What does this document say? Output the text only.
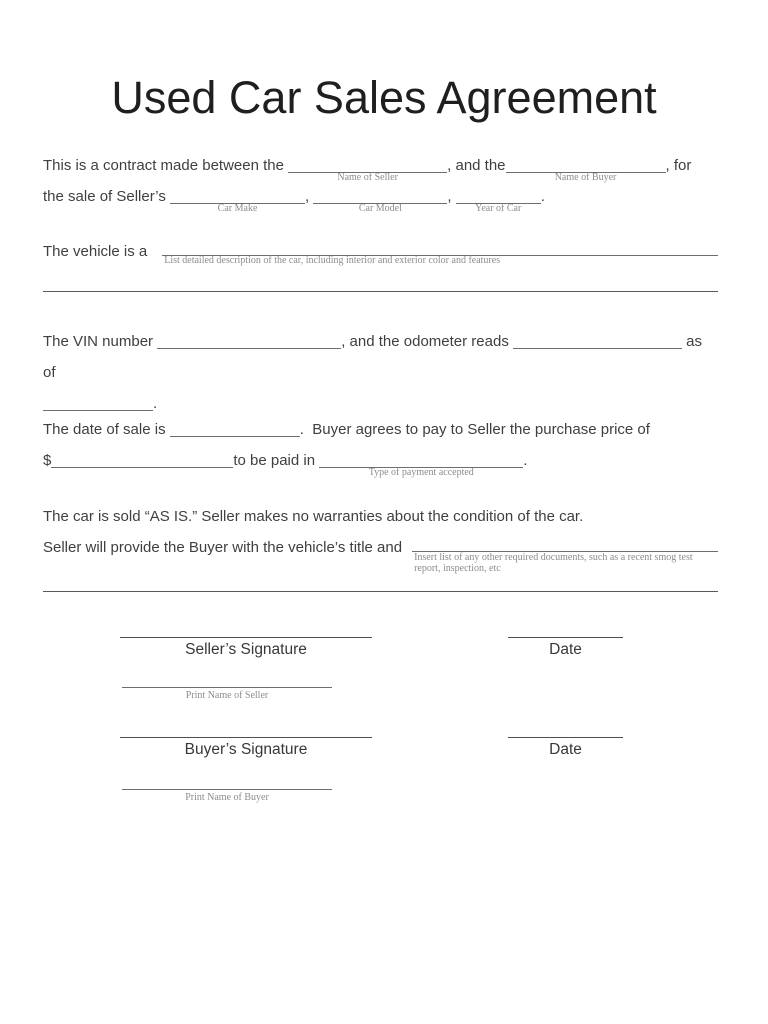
Used Car Sales Agreement

This is a contract made between the
Name of Seller
, and the
Name of Buyer
, for
the sale of Seller’s
Car Make
,
Car Model
,
Year of Car
.

The vehicle is a
List detailed description of the car, including interior and exterior color and features

The VIN number	, and the odometer reads	as of
.

The date of sale is	.  Buyer agrees to pay to Seller the purchase price of
$	to be paid in
Type of payment accepted
.

The car is sold “AS IS.” Seller makes no warranties about the condition of the car.

Seller will provide the Buyer with the vehicle’s title and
Insert list of any other required documents, such as a recent smog test report, inspection, etc

Seller’s Signature	Date
Print Name of Seller
Buyer’s Signature	Date
Print Name of Buyer
